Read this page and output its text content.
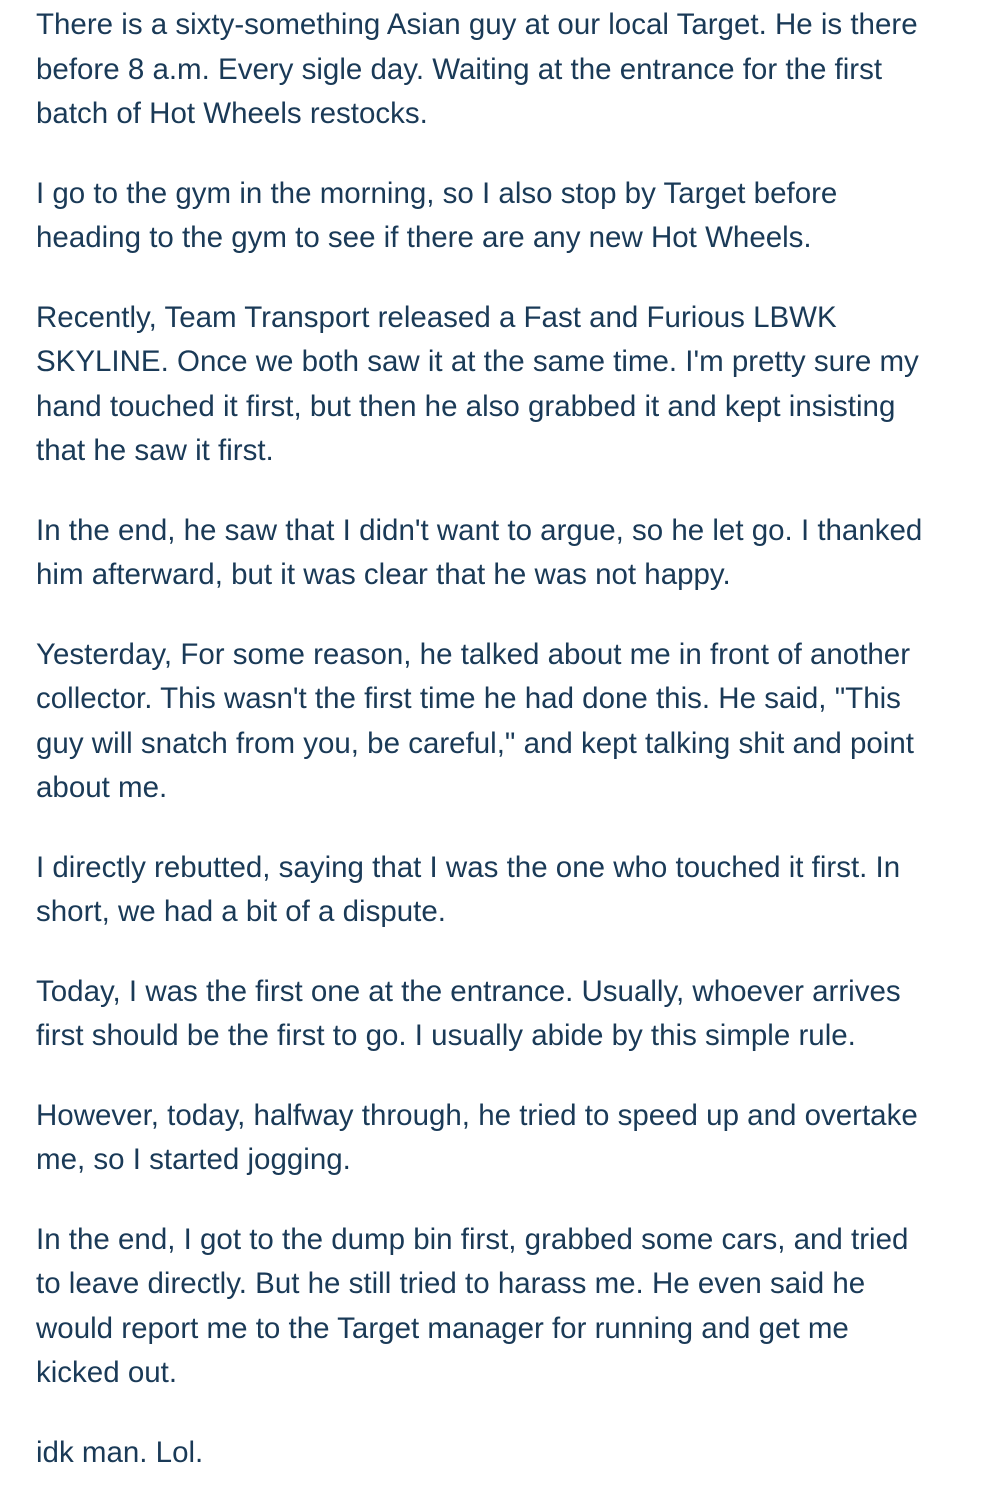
There is a sixty-something Asian guy at our local Target. He is there
before 8 a.m. Every sigle day. Waiting at the entrance for the first
batch of Hot Wheels restocks.

I go to the gym in the morning, so I also stop by Target before
heading to the gym to see if there are any new Hot Wheels.

Recently, Team Transport released a Fast and Furious LBWK
SKYLINE. Once we both saw it at the same time. I'm pretty sure my
hand touched it first, but then he also grabbed it and kept insisting
that he saw it first.

In the end, he saw that I didn't want to argue, so he let go. I thanked
him afterward, but it was clear that he was not happy.

Yesterday, For some reason, he talked about me in front of another
collector. This wasn't the first time he had done this. He said, "This
guy will snatch from you, be careful," and kept talking shit and point
about me.

I directly rebutted, saying that I was the one who touched it first. In
short, we had a bit of a dispute.

Today, I was the first one at the entrance. Usually, whoever arrives
first should be the first to go. I usually abide by this simple rule.

However, today, halfway through, he tried to speed up and overtake
me, so I started jogging.

In the end, I got to the dump bin first, grabbed some cars, and tried
to leave directly. But he still tried to harass me. He even said he
would report me to the Target manager for running and get me
kicked out.

idk man. Lol.
